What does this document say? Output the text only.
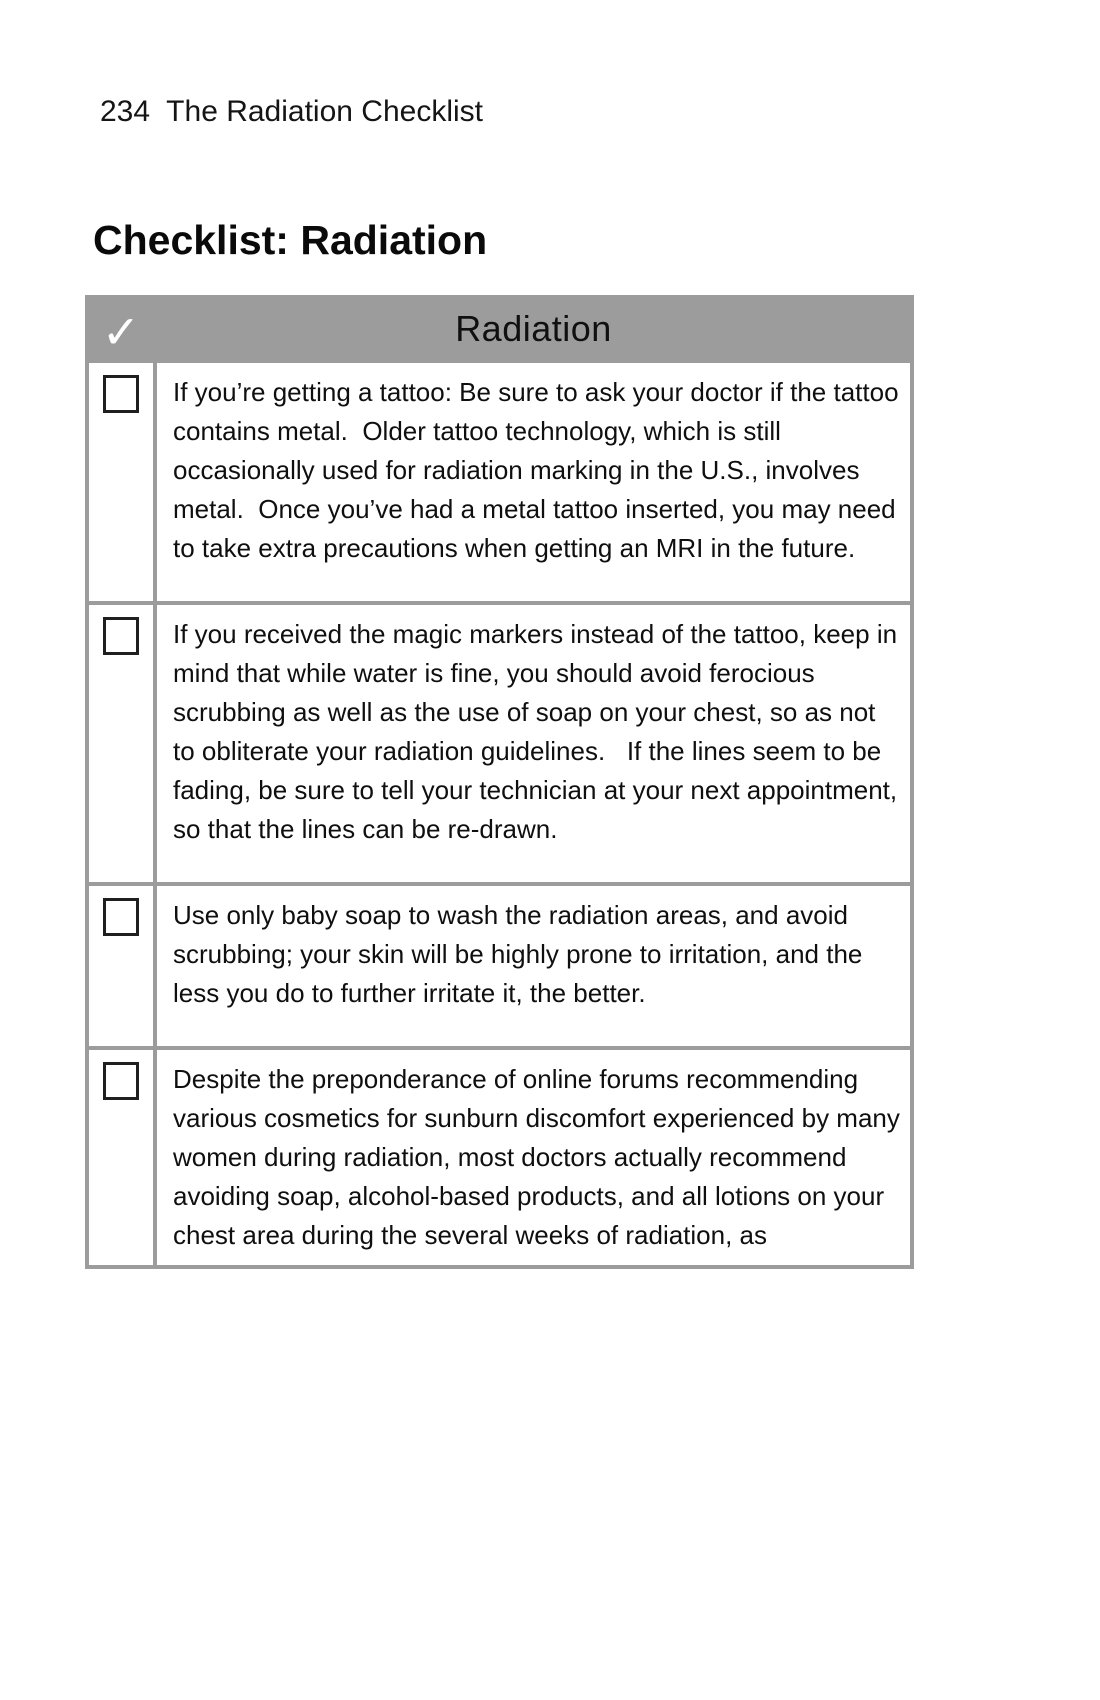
234  The Radiation Checklist
Checklist: Radiation
✓	Radiation
	If you’re getting a tattoo: Be sure to ask your doctor if the tattoo contains metal.  Older tattoo technology, which is still occasionally used for radiation marking in the U.S., involves metal.  Once you’ve had a metal tattoo inserted, you may need to take extra precautions when getting an MRI in the future.
	If you received the magic markers instead of the tattoo, keep in mind that while water is fine, you should avoid ferocious scrubbing as well as the use of soap on your chest, so as not to obliterate your radiation guidelines.   If the lines seem to be fading, be sure to tell your technician at your next appointment, so that the lines can be re-drawn.
	Use only baby soap to wash the radiation areas, and avoid scrubbing; your skin will be highly prone to irritation, and the less you do to further irritate it, the better.
	Despite the preponderance of online forums recommending various cosmetics for sunburn discomfort experienced by many women during radiation, most doctors actually recommend avoiding soap, alcohol-based products, and all lotions on your chest area during the several weeks of radiation, as
